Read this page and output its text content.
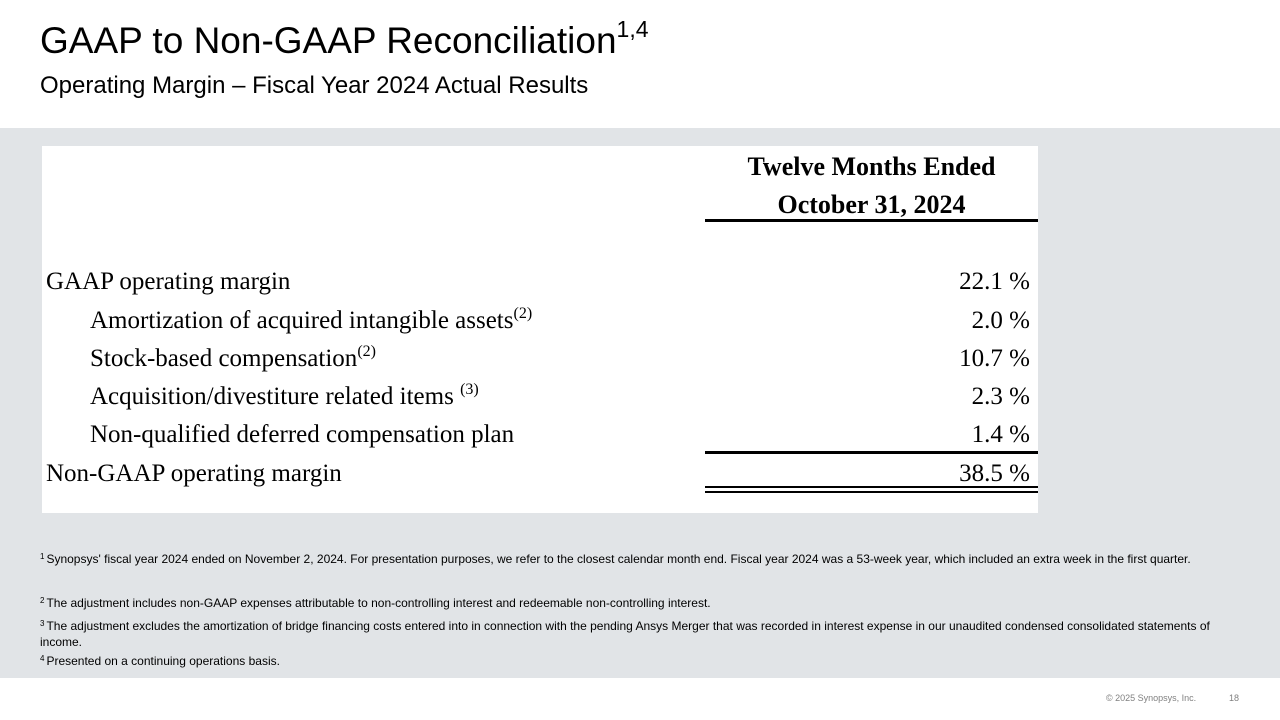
GAAP to Non-GAAP Reconciliation$^{1,4}$
Operating Margin – Fiscal Year 2024 Actual Results
Twelve Months Ended
October 31, 2024
GAAP operating margin	22.1 %
Amortization of acquired intangible assets$^{(2)}$	2.0 %
Stock-based compensation$^{(2)}$	10.7 %
Acquisition/divestiture related items $^{(3)}$	2.3 %
Non-qualified deferred compensation plan	1.4 %
Non-GAAP operating margin	38.5 %
$^1$ Synopsys' fiscal year 2024 ended on November 2, 2024. For presentation purposes, we refer to the closest calendar month end. Fiscal year 2024 was a 53-week year, which included an extra week in the first quarter.
$^2$ The adjustment includes non-GAAP expenses attributable to non-controlling interest and redeemable non-controlling interest.
$^3$ The adjustment excludes the amortization of bridge financing costs entered into in connection with the pending Ansys Merger that was recorded in interest expense in our unaudited condensed consolidated statements of income.
$^4$ Presented on a continuing operations basis.
© 2025 Synopsys, Inc.	18
